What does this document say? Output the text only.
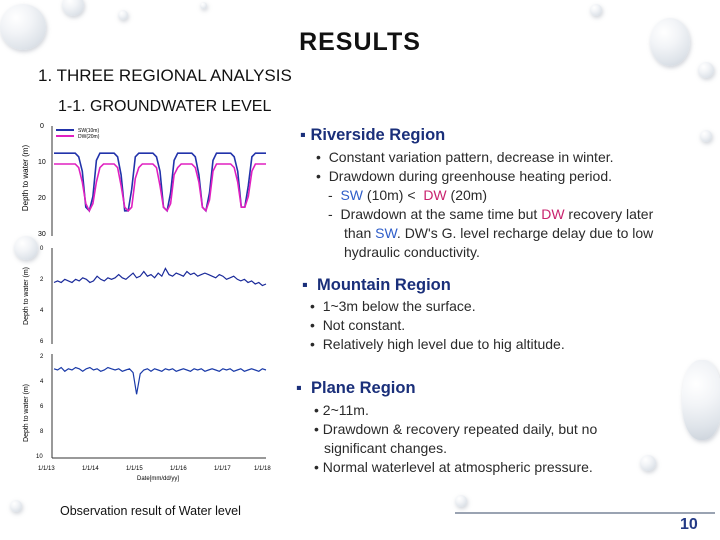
RESULTS
1. THREE REGIONAL ANALYSIS
1-1. GROUNDWATER LEVEL
Depth to water (m)
0
10
20
30
SW(10m)
DW(20m)
Depth to water (m)
0
2
4
6
Depth to water (m)
2
4
6
8
10
1/1/13	1/1/14	1/1/15	1/1/16	1/1/17	1/1/18
Date[mm/dd/yy]
▪ Riverside Region
•  Constant variation pattern, decrease in winter.
•  Drawdown during greenhouse heating period.
-  SW (10m) <  DW (20m)
-  Drawdown at the same time but DW recovery later
than SW. DW's G. level recharge delay due to low
hydraulic conductivity.
▪  Mountain Region
•  1~3m below the surface.
•  Not constant.
•  Relatively high level due to hig altitude.
▪  Plane Region
• 2~11m.
• Drawdown & recovery repeated daily, but no
significant changes.
• Normal waterlevel at atmospheric pressure.
Observation result of Water level
10
